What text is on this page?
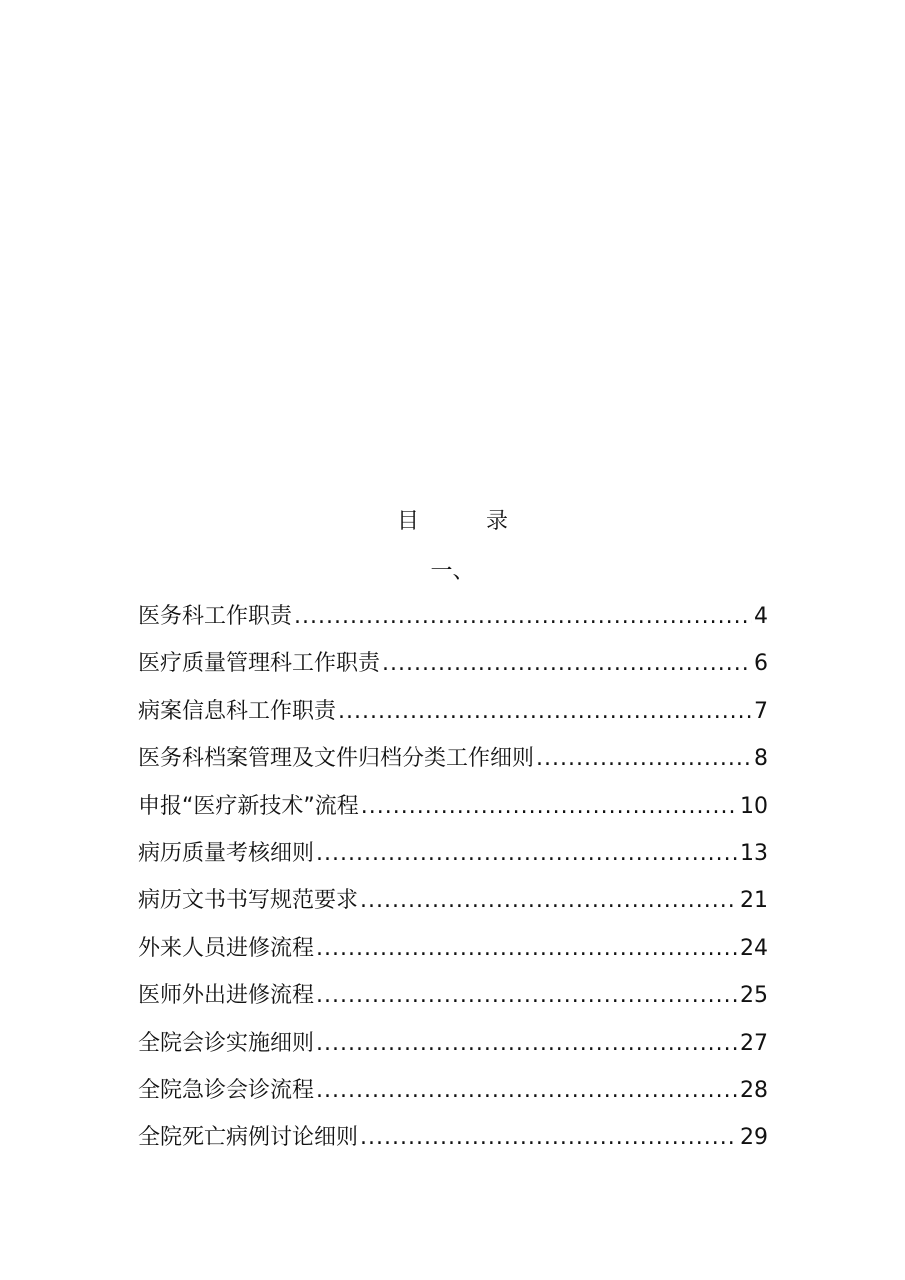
目 录
一、
医务科工作职责 .....	4
医疗质量管理科工作职责 .....	6
病案信息科工作职责 .....	7
医务科档案管理及文件归档分类工作细则 .....	8
申报“医疗新技术”流程 .....	10
病历质量考核细则 .....	13
病历文书书写规范要求 .....	21
外来人员进修流程 .....	24
医师外出进修流程 .....	25
全院会诊实施细则 .....	27
全院急诊会诊流程 .....	28
全院死亡病例讨论细则 .....	29
